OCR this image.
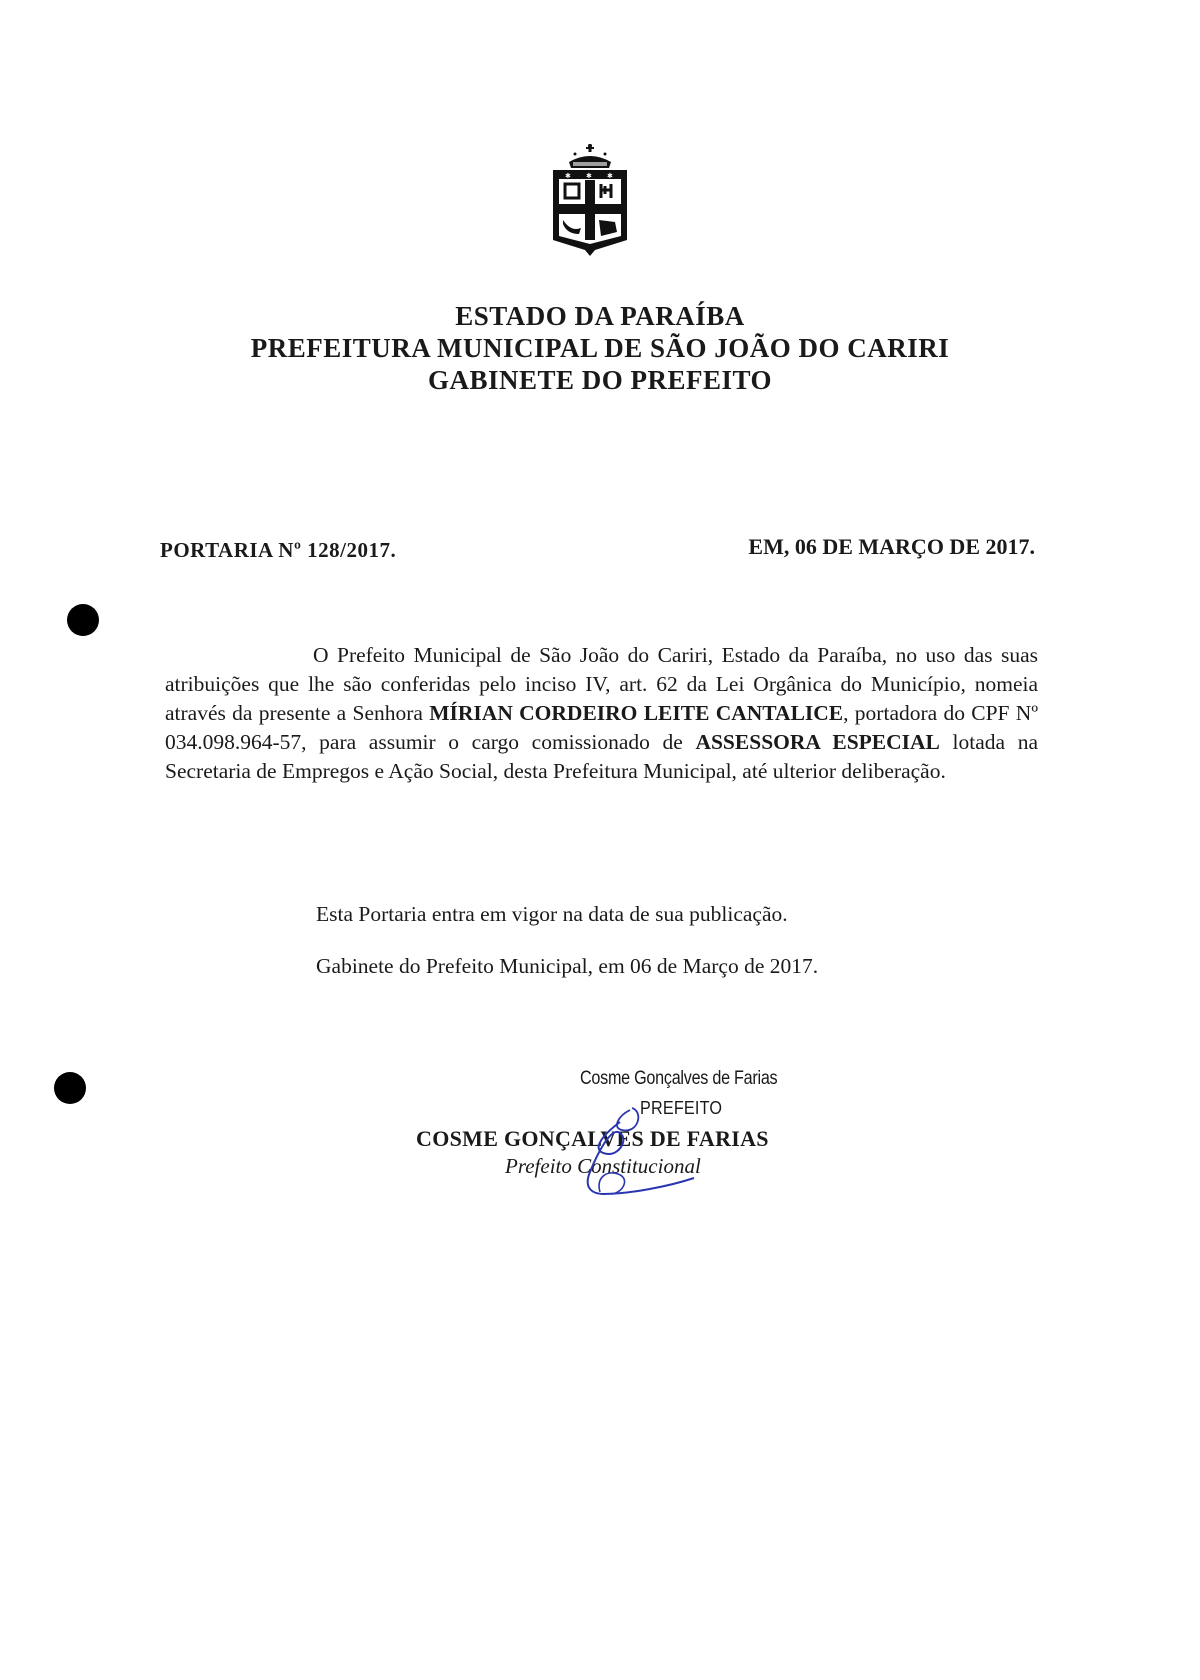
✱ ✱ ✱
ESTADO DA PARAÍBA
PREFEITURA MUNICIPAL DE SÃO JOÃO DO CARIRI
GABINETE DO PREFEITO
PORTARIA Nº 128/2017.	EM, 06 DE MARÇO DE 2017.
O Prefeito Municipal de São João do Cariri, Estado da Paraíba, no uso das suas atribuições que lhe são conferidas pelo inciso IV, art. 62 da Lei Orgânica do Município, nomeia através da presente a Senhora MÍRIAN CORDEIRO LEITE CANTALICE, portadora do CPF Nº 034.098.964-57, para assumir o cargo comissionado de ASSESSORA ESPECIAL lotada na Secretaria de Empregos e Ação Social, desta Prefeitura Municipal, até ulterior deliberação.
Esta Portaria entra em vigor na data de sua publicação.
Gabinete do Prefeito Municipal, em 06 de Março de 2017.
Cosme Gonçalves de Farias
PREFEITO
COSME GONÇALVES DE FARIAS
Prefeito Constitucional
